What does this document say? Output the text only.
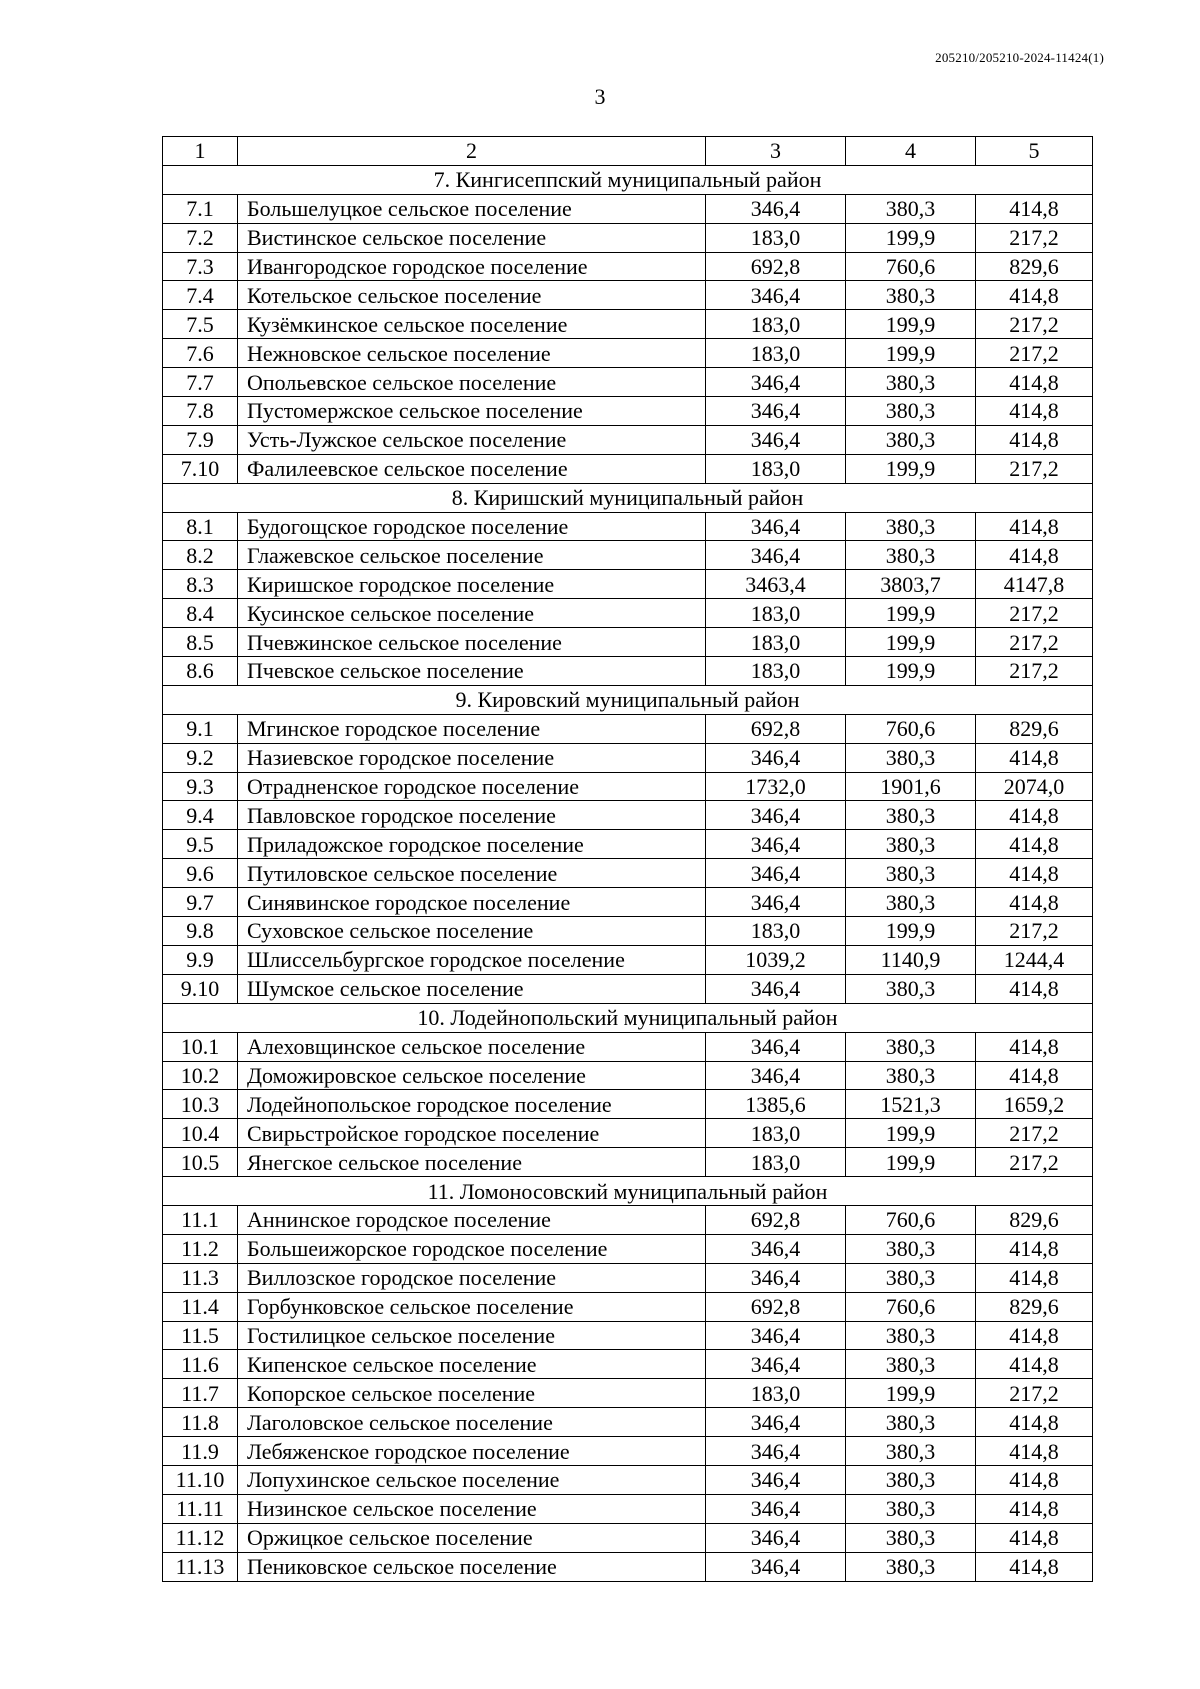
205210/205210-2024-11424(1)
3
1	2	3	4	5
7. Кингисеппский муниципальный район				
7.1	Большелуцкое сельское поселение	346,4	380,3	414,8
7.2	Вистинское сельское поселение	183,0	199,9	217,2
7.3	Ивангородское городское поселение	692,8	760,6	829,6
7.4	Котельское сельское поселение	346,4	380,3	414,8
7.5	Кузёмкинское сельское поселение	183,0	199,9	217,2
7.6	Нежновское сельское поселение	183,0	199,9	217,2
7.7	Опольевское сельское поселение	346,4	380,3	414,8
7.8	Пустомержское сельское поселение	346,4	380,3	414,8
7.9	Усть-Лужское сельское поселение	346,4	380,3	414,8
7.10	Фалилеевское сельское поселение	183,0	199,9	217,2
8. Киришский муниципальный район				
8.1	Будогощское городское поселение	346,4	380,3	414,8
8.2	Глажевское сельское поселение	346,4	380,3	414,8
8.3	Киришское городское поселение	3463,4	3803,7	4147,8
8.4	Кусинское сельское поселение	183,0	199,9	217,2
8.5	Пчевжинское сельское поселение	183,0	199,9	217,2
8.6	Пчевское сельское поселение	183,0	199,9	217,2
9. Кировский муниципальный район				
9.1	Мгинское городское поселение	692,8	760,6	829,6
9.2	Назиевское городское поселение	346,4	380,3	414,8
9.3	Отрадненское городское поселение	1732,0	1901,6	2074,0
9.4	Павловское городское поселение	346,4	380,3	414,8
9.5	Приладожское городское поселение	346,4	380,3	414,8
9.6	Путиловское сельское поселение	346,4	380,3	414,8
9.7	Синявинское городское поселение	346,4	380,3	414,8
9.8	Суховское сельское поселение	183,0	199,9	217,2
9.9	Шлиссельбургское городское поселение	1039,2	1140,9	1244,4
9.10	Шумское сельское поселение	346,4	380,3	414,8
10. Лодейнопольский муниципальный район				
10.1	Алеховщинское сельское поселение	346,4	380,3	414,8
10.2	Доможировское сельское поселение	346,4	380,3	414,8
10.3	Лодейнопольское городское поселение	1385,6	1521,3	1659,2
10.4	Свирьстройское городское поселение	183,0	199,9	217,2
10.5	Янегское сельское поселение	183,0	199,9	217,2
11. Ломоносовский муниципальный район				
11.1	Аннинское городское поселение	692,8	760,6	829,6
11.2	Большеижорское городское поселение	346,4	380,3	414,8
11.3	Виллозское городское поселение	346,4	380,3	414,8
11.4	Горбунковское сельское поселение	692,8	760,6	829,6
11.5	Гостилицкое сельское поселение	346,4	380,3	414,8
11.6	Кипенское сельское поселение	346,4	380,3	414,8
11.7	Копорское сельское поселение	183,0	199,9	217,2
11.8	Лаголовское сельское поселение	346,4	380,3	414,8
11.9	Лебяженское городское поселение	346,4	380,3	414,8
11.10	Лопухинское сельское поселение	346,4	380,3	414,8
11.11	Низинское сельское поселение	346,4	380,3	414,8
11.12	Оржицкое сельское поселение	346,4	380,3	414,8
11.13	Пениковское сельское поселение	346,4	380,3	414,8
